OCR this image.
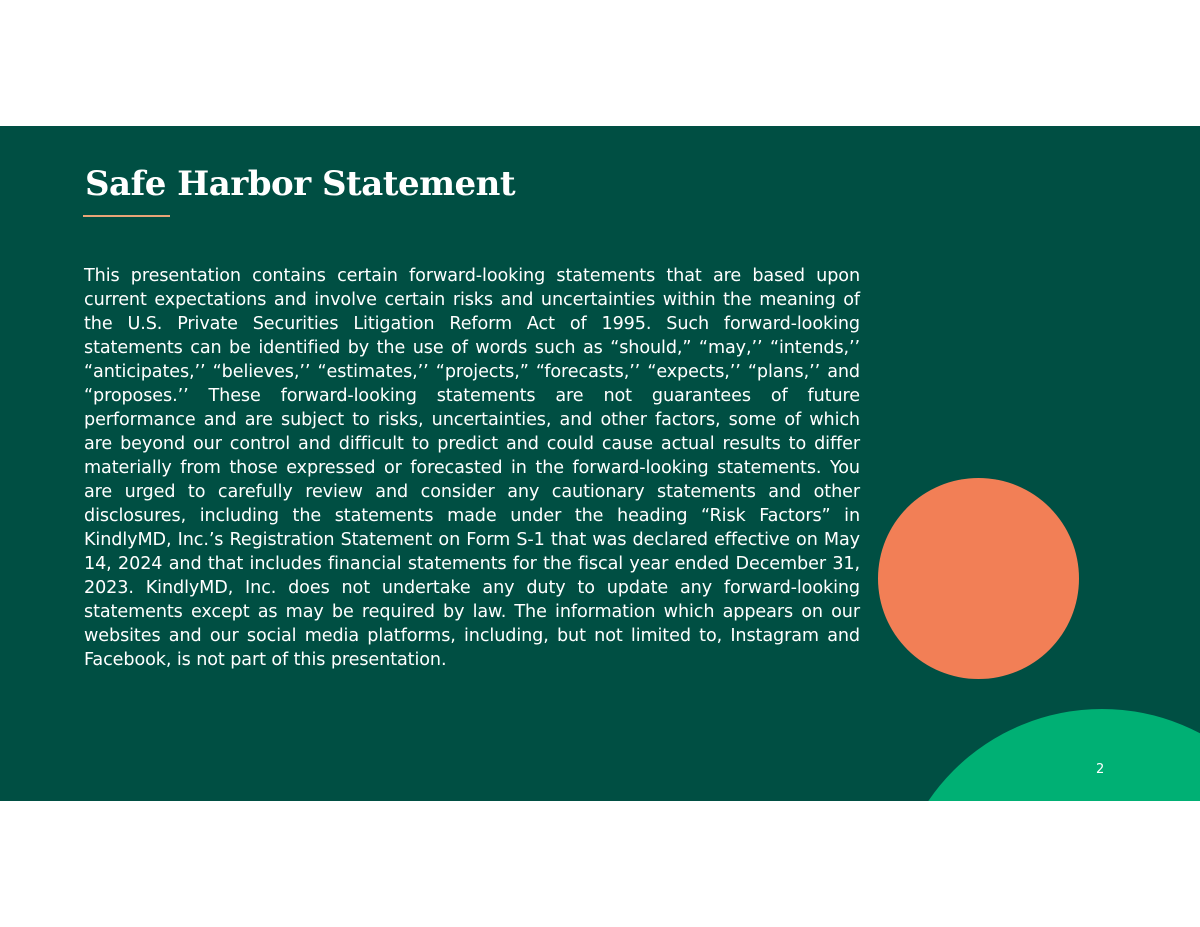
Safe Harbor Statement

This presentation contains certain forward-looking statements that are based upon current expectations and involve certain risks and uncertainties within the meaning of the U.S. Private Securities Litigation Reform Act of 1995. Such forward-looking statements can be identified by the use of words such as “should,” “may,’’ “intends,’’ “anticipates,’’ “believes,’’ “estimates,’’ “projects,” “forecasts,’’ “expects,’’ “plans,’’ and “proposes.’’ These forward-looking statements are not guarantees of future performance and are subject to risks, uncertainties, and other factors, some of which are beyond our control and difficult to predict and could cause actual results to differ materially from those expressed or forecasted in the forward-looking statements. You are urged to carefully review and consider any cautionary statements and other disclosures, including the statements made under the heading “Risk Factors” in KindlyMD, Inc.’s Registration Statement on Form S-1 that was declared effective on May 14, 2024 and that includes financial statements for the fiscal year ended December 31, 2023. KindlyMD, Inc. does not undertake any duty to update any forward-looking statements except as may be required by law. The information which appears on our websites and our social media platforms, including, but not limited to, Instagram and Facebook, is not part of this presentation.

2
